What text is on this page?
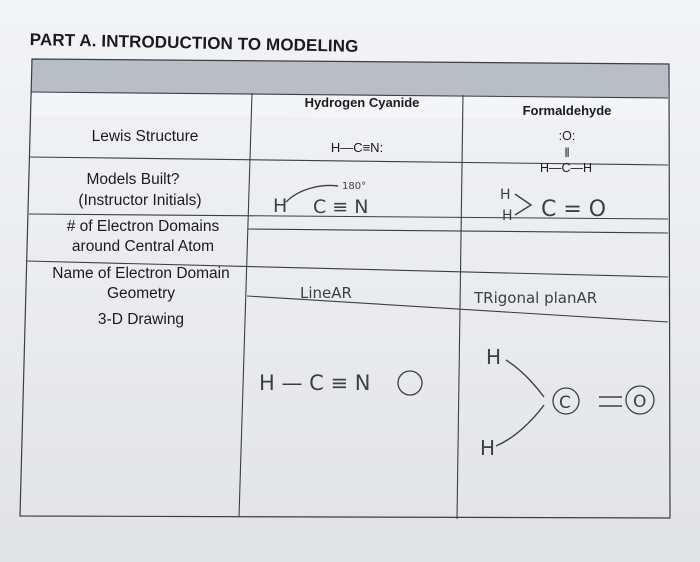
PART A. INTRODUCTION TO MODELING
Hydrogen Cyanide
Formaldehyde
Lewis Structure
Models Built?
(Instructor Initials)
# of Electron Domains
around Central Atom
Name of Electron Domain
Geometry
3-D Drawing
H—C≡N:
:O:
‖
H—C—H
H
180°
C ≡ N
H
H C = O
LineAR	TRigonal planAR
H — C ≡ N
H
H
C	O
